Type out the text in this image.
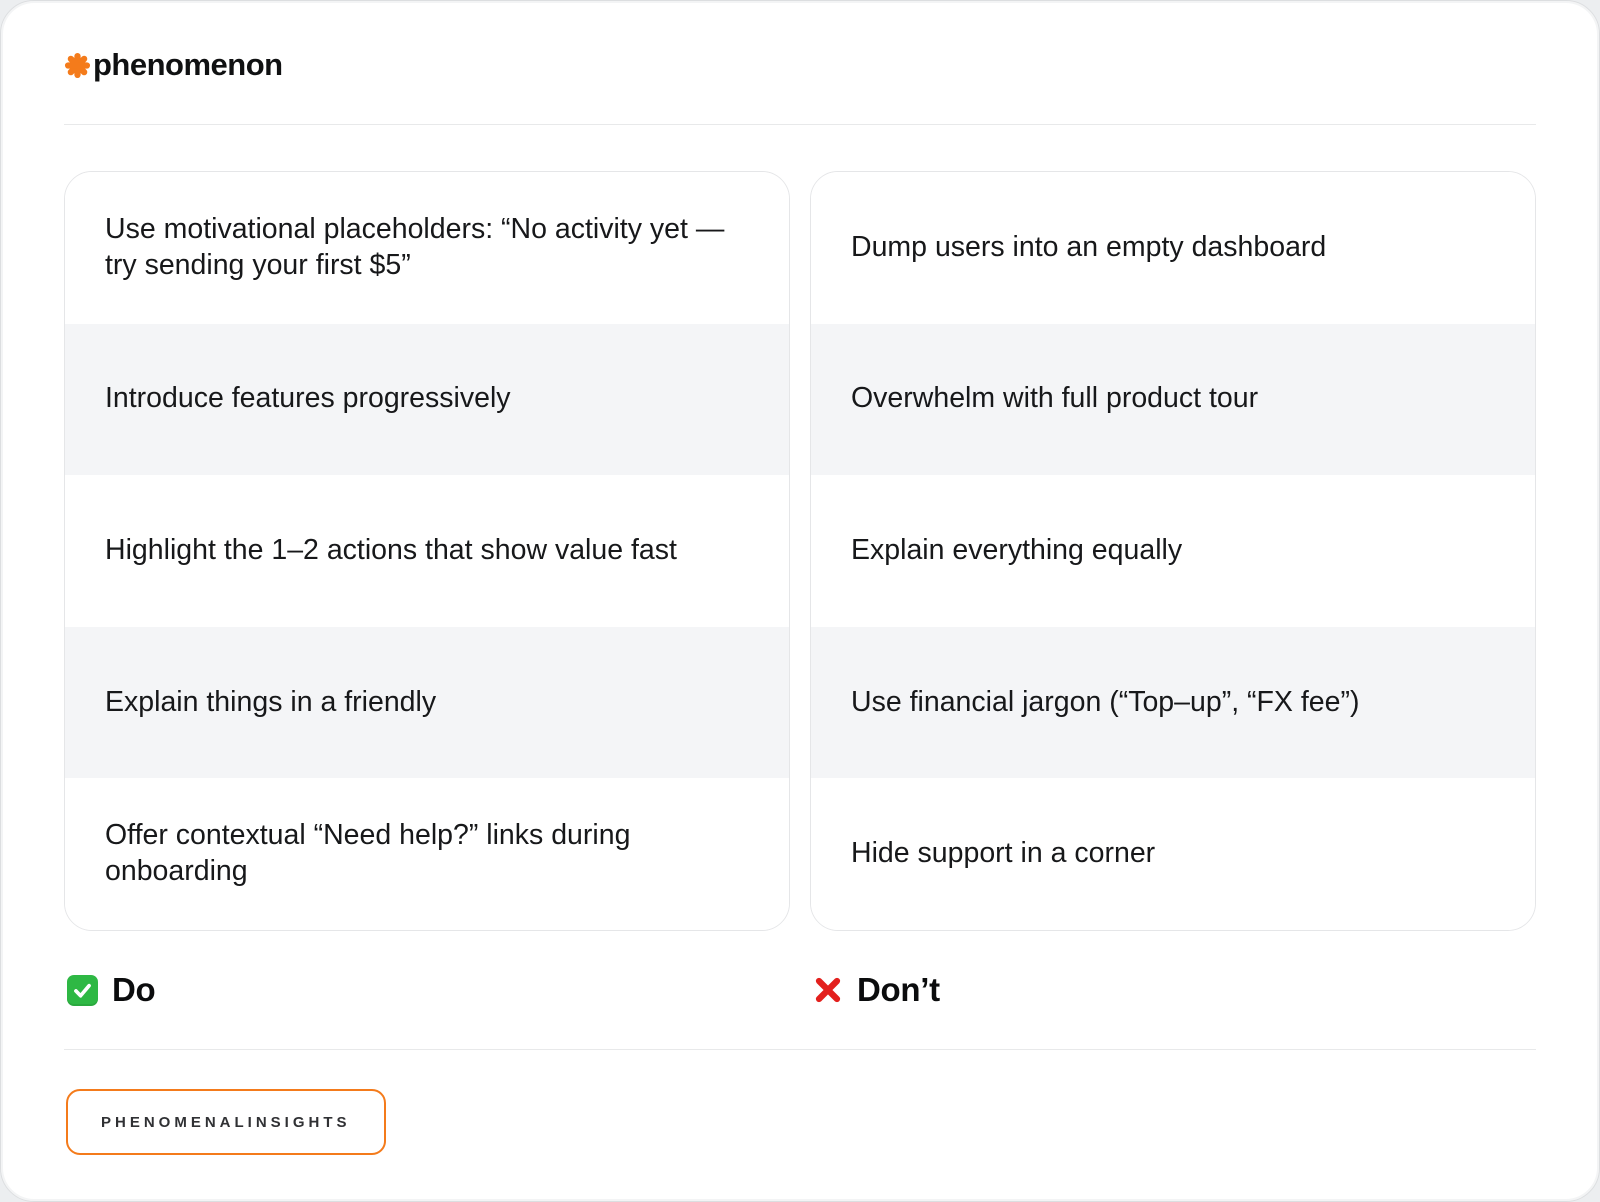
phenomenon
Use motivational placeholders: “No activity yet — try sending your first $5”
Introduce features progressively
Highlight the 1–2 actions that show value fast
Explain things in a friendly
Offer contextual “Need help?” links during onboarding
Dump users into an empty dashboard
Overwhelm with full product tour
Explain everything equally
Use financial jargon (“Top–up”, “FX fee”)
Hide support in a corner
Do	Don’t
PHENOMENALINSIGHTS
